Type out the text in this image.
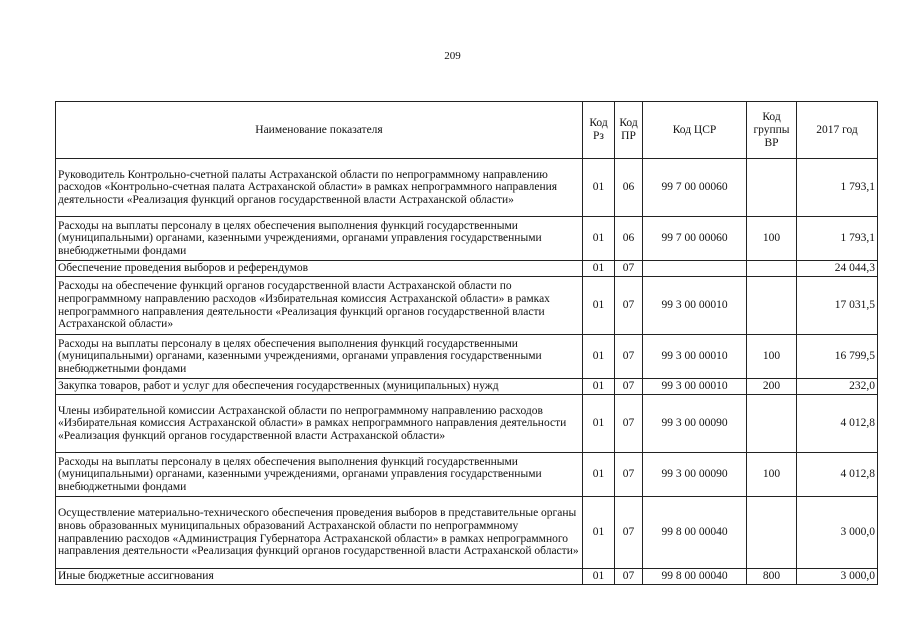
209
Наименование показателя	Код Рз	Код ПР	Код ЦСР	Код группы ВР	2017 год
Руководитель Контрольно-счетной палаты Астраханской области по непрограммному направлению расходов «Контрольно-счетная палата Астраханской области» в рамках непрограммного направления деятельности «Реализация функций органов государственной власти Астраханской области»	01	06	99 7 00 00060		1 793,1
Расходы на выплаты персоналу в целях обеспечения выполнения функций государственными (муниципальными) органами, казенными учреждениями, органами управления государственными внебюджетными фондами	01	06	99 7 00 00060	100	1 793,1
Обеспечение проведения выборов и референдумов	01	07			24 044,3
Расходы на обеспечение функций органов государственной власти Астраханской области по непрограммному направлению расходов «Избирательная комиссия Астраханской области» в рамках непрограммного направления деятельности «Реализация функций органов государственной власти Астраханской области»	01	07	99 3 00 00010		17 031,5
Расходы на выплаты персоналу в целях обеспечения выполнения функций государственными (муниципальными) органами, казенными учреждениями, органами управления государственными внебюджетными фондами	01	07	99 3 00 00010	100	16 799,5
Закупка товаров, работ и услуг для обеспечения государственных (муниципальных) нужд	01	07	99 3 00 00010	200	232,0
Члены избирательной комиссии Астраханской области по непрограммному направлению расходов «Избирательная комиссия Астраханской области» в рамках непрограммного направления деятельности «Реализация функций органов государственной власти Астраханской области»	01	07	99 3 00 00090		4 012,8
Расходы на выплаты персоналу в целях обеспечения выполнения функций государственными (муниципальными) органами, казенными учреждениями, органами управления государственными внебюджетными фондами	01	07	99 3 00 00090	100	4 012,8
Осуществление материально-технического обеспечения проведения выборов в представительные органы вновь образованных муниципальных образований Астраханской области по непрограммному направлению расходов «Администрация Губернатора Астраханской области» в рамках непрограммного направления деятельности «Реализация функций органов государственной власти Астраханской области»	01	07	99 8 00 00040		3 000,0
Иные бюджетные ассигнования	01	07	99 8 00 00040	800	3 000,0
